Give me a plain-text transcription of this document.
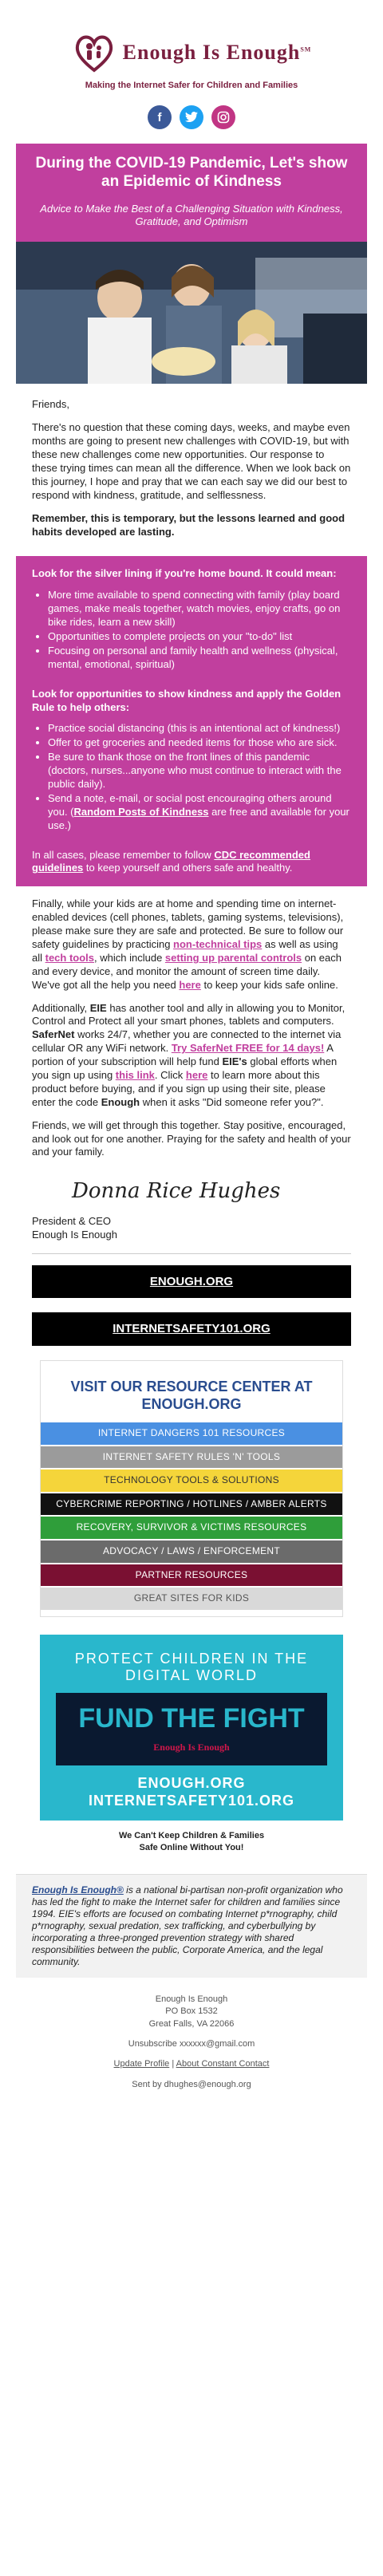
Enough Is Enough℠
Making the Internet Safer for Children and Families
f
During the COVID-19 Pandemic, Let's show an Epidemic of Kindness

Advice to Make the Best of a Challenging Situation with Kindness, Gratitude, and Optimism

Friends,

There's no question that these coming days, weeks, and maybe even months are going to present new challenges with COVID-19, but with these new challenges come new opportunities. Our response to these trying times can mean all the difference. When we look back on this journey, I hope and pray that we can each say we did our best to respond with kindness, gratitude, and selflessness.

Remember, this is temporary, but the lessons learned and good habits developed are lasting.

Look for the silver lining if you're home bound. It could mean:
• More time available to spend connecting with family (play board games, make meals together, watch movies, enjoy crafts, go on bike rides, learn a new skill)
• Opportunities to complete projects on your "to-do" list
• Focusing on personal and family health and wellness (physical, mental, emotional, spiritual)
Look for opportunities to show kindness and apply the Golden Rule to help others:
• Practice social distancing (this is an intentional act of kindness!)
• Offer to get groceries and needed items for those who are sick.
• Be sure to thank those on the front lines of this pandemic (doctors, nurses...anyone who must continue to interact with the public daily).
• Send a note, e-mail, or social post encouraging others around you. (Random Posts of Kindness are free and available for your use.)

In all cases, please remember to follow CDC recommended guidelines to keep yourself and others safe and healthy.

Finally, while your kids are at home and spending time on internet-enabled devices (cell phones, tablets, gaming systems, televisions), please make sure they are safe and protected. Be sure to follow our safety guidelines by practicing non-technical tips as well as using all tech tools, which include setting up parental controls on each and every device, and monitor the amount of screen time daily. We've got all the help you need here to keep your kids safe online.

Additionally, EIE has another tool and ally in allowing you to Monitor, Control and Protect all your smart phones, tablets and computers. SaferNet works 24/7, whether you are connected to the internet via cellular OR any WiFi network. Try SaferNet FREE for 14 days! A portion of your subscription will help fund EIE's global efforts when you sign up using this link. Click here to learn more about this product before buying, and if you sign up using their site, please enter the code Enough when it asks "Did someone refer you?".

Friends, we will get through this together. Stay positive, encouraged, and look out for one another. Praying for the safety and health of your and your family.

Donna Rice Hughes
President & CEO
Enough Is Enough
ENOUGH.ORG
INTERNETSAFETY101.ORG
VISIT OUR RESOURCE CENTER AT ENOUGH.ORG
INTERNET DANGERS 101 RESOURCES
INTERNET SAFETY RULES 'N' TOOLS
TECHNOLOGY TOOLS & SOLUTIONS
CYBERCRIME REPORTING / HOTLINES / AMBER ALERTS
RECOVERY, SURVIVOR & VICTIMS RESOURCES
ADVOCACY / LAWS / ENFORCEMENT
PARTNER RESOURCES
GREAT SITES FOR KIDS
PROTECT CHILDREN IN THE DIGITAL WORLD
FUND THE FIGHT
Enough Is Enough
ENOUGH.ORG
INTERNETSAFETY101.ORG
We Can't Keep Children & Families
Safe Online Without You!
Enough Is Enough® is a national bi-partisan non-profit organization who has led the fight to make the Internet safer for children and families since 1994. EIE's efforts are focused on combating Internet p*rnography, child p*rnography, sexual predation, sex trafficking, and cyberbullying by incorporating a three-pronged prevention strategy with shared responsibilities between the public, Corporate America, and the legal community.
Enough Is Enough
PO Box 1532
Great Falls, VA 22066
Unsubscribe xxxxxx@gmail.com
Update Profile | About Constant Contact
Sent by dhughes@enough.org
